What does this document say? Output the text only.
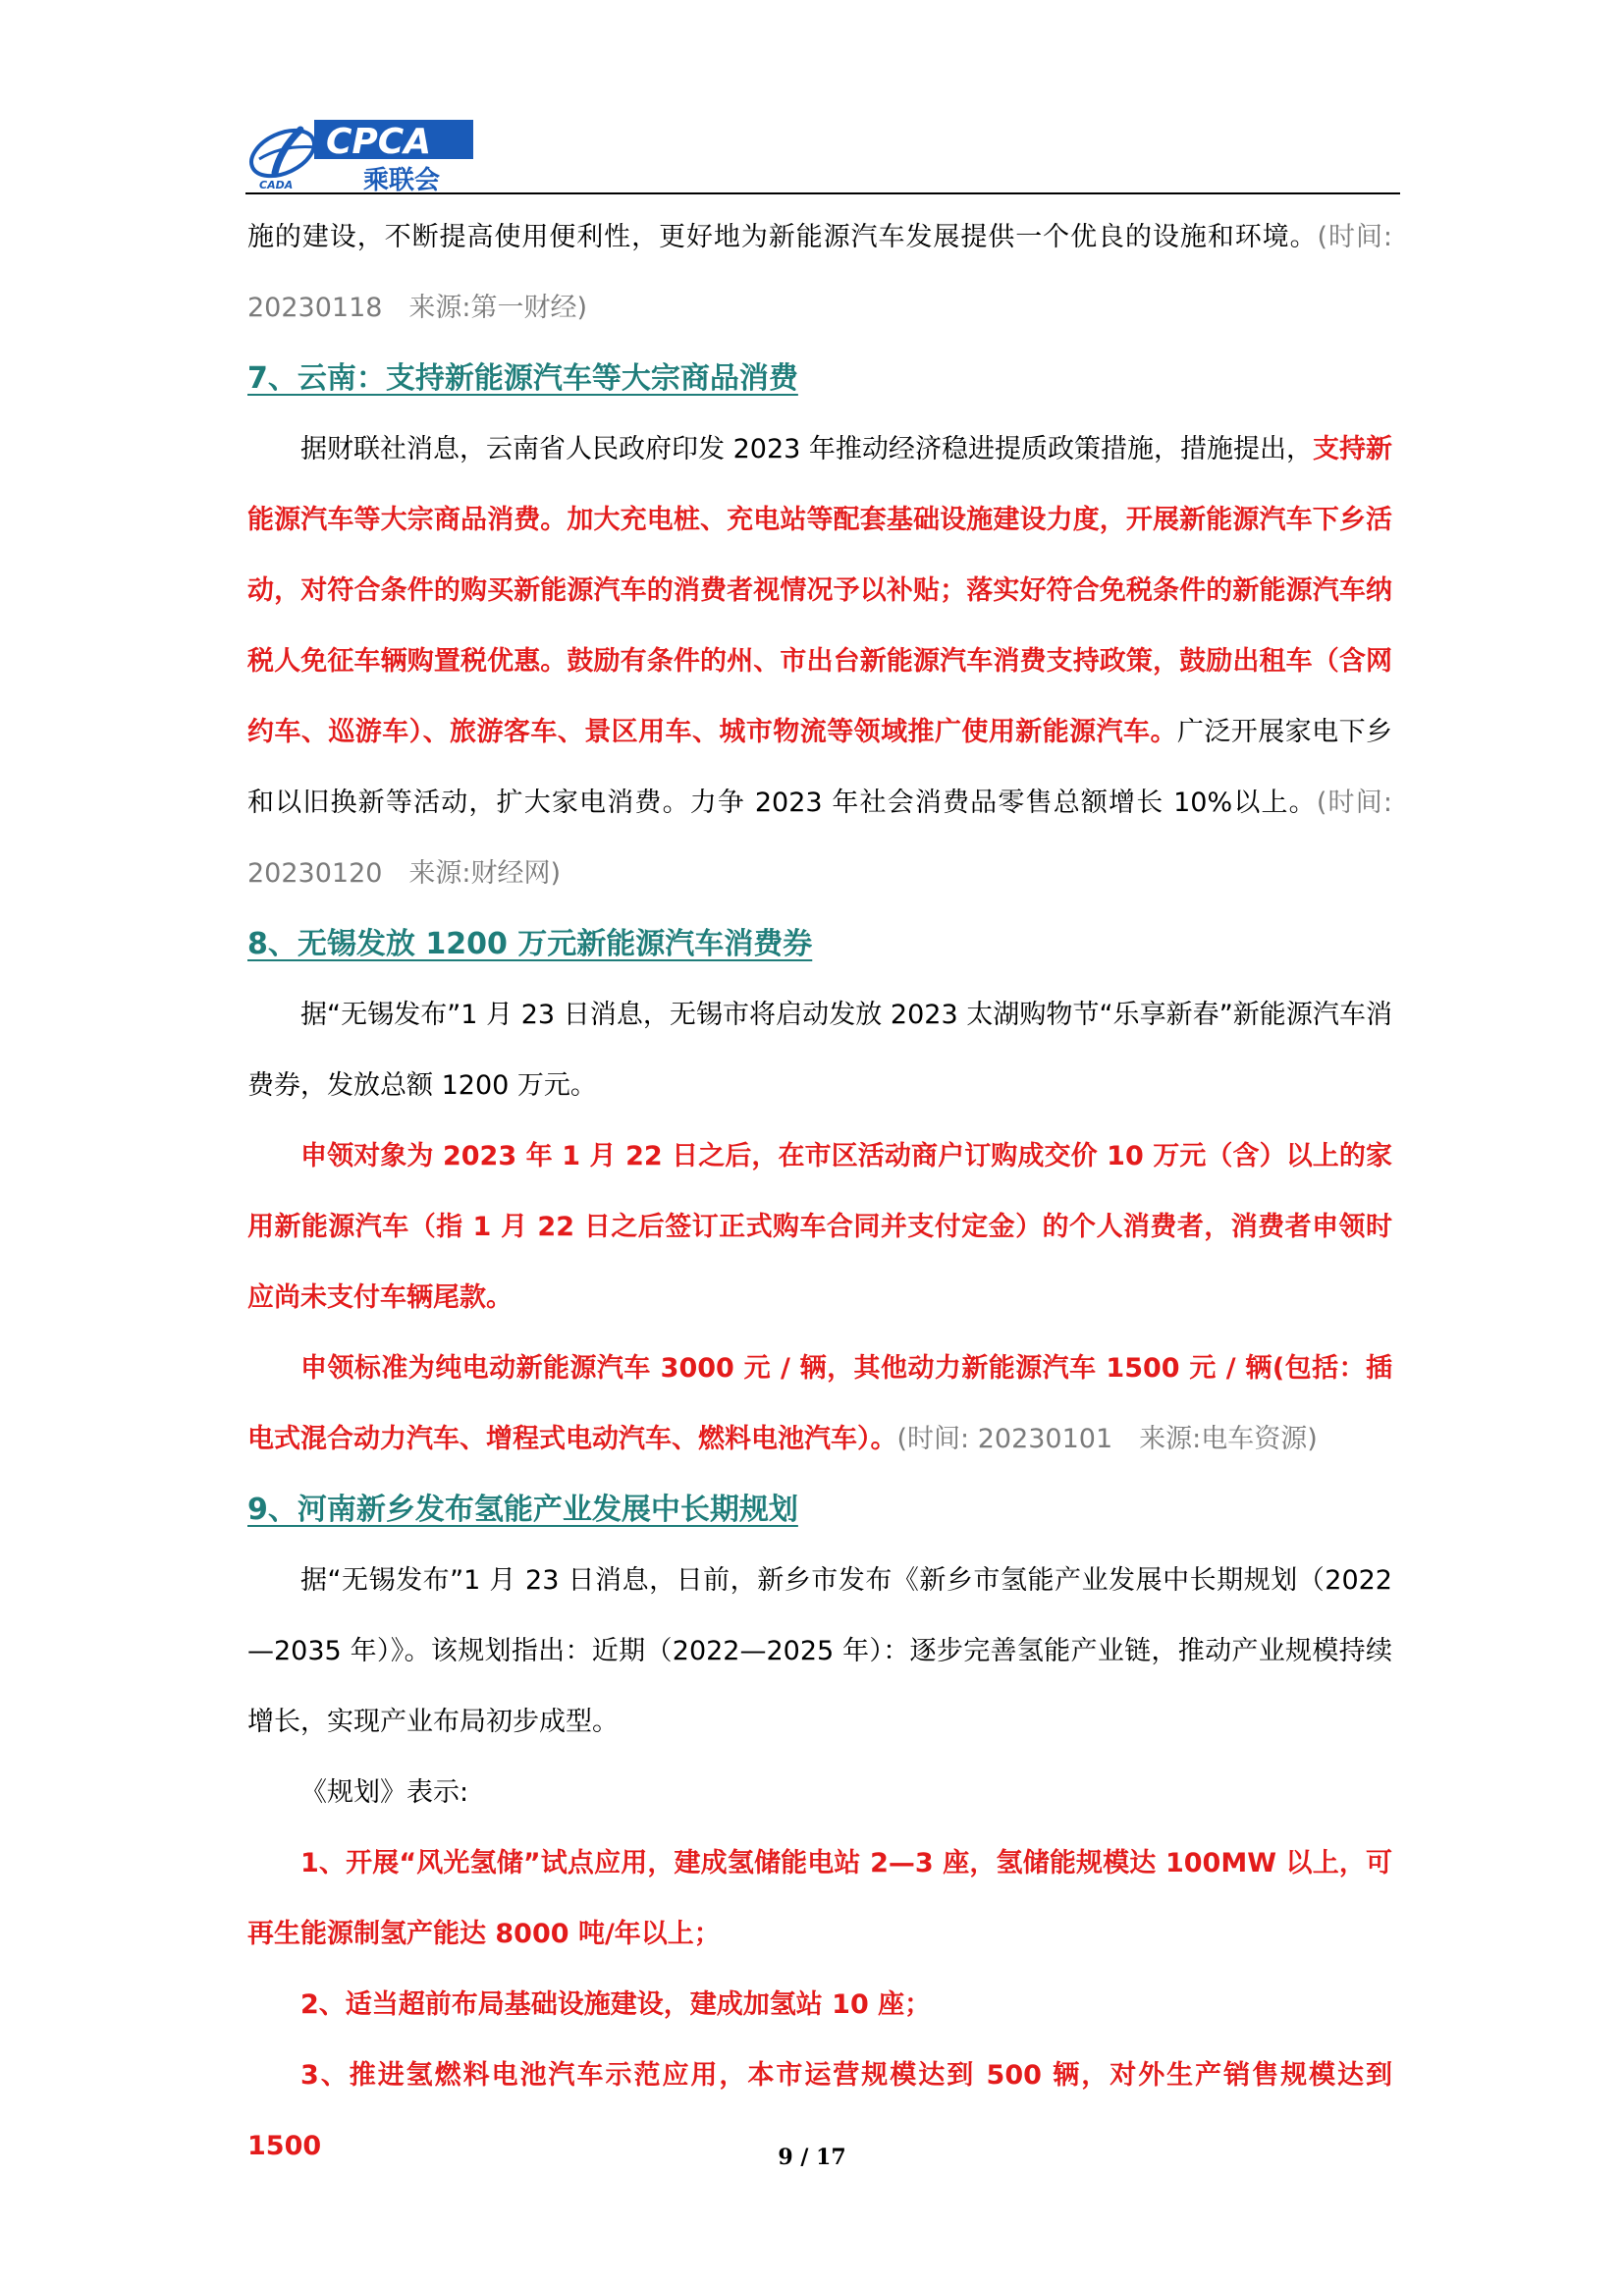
CADA
CPCA
乘联会

施的建设，不断提高使用便利性，更好地为新能源汽车发展提供一个优良的设施和环境。(时间: 20230118　来源:第一财经)

7、云南：支持新能源汽车等大宗商品消费

据财联社消息，云南省人民政府印发 2023 年推动经济稳进提质政策措施，措施提出，支持新能源汽车等大宗商品消费。加大充电桩、充电站等配套基础设施建设力度，开展新能源汽车下乡活动，对符合条件的购买新能源汽车的消费者视情况予以补贴；落实好符合免税条件的新能源汽车纳税人免征车辆购置税优惠。鼓励有条件的州、市出台新能源汽车消费支持政策，鼓励出租车（含网约车、巡游车）、旅游客车、景区用车、城市物流等领域推广使用新能源汽车。广泛开展家电下乡和以旧换新等活动，扩大家电消费。力争 2023 年社会消费品零售总额增长 10%以上。(时间: 20230120　来源:财经网)

8、无锡发放 1200 万元新能源汽车消费券

据“无锡发布”1 月 23 日消息，无锡市将启动发放 2023 太湖购物节“乐享新春”新能源汽车消费券，发放总额 1200 万元。

申领对象为 2023 年 1 月 22 日之后，在市区活动商户订购成交价 10 万元（含）以上的家用新能源汽车（指 1 月 22 日之后签订正式购车合同并支付定金）的个人消费者，消费者申领时应尚未支付车辆尾款。

申领标准为纯电动新能源汽车 3000 元 / 辆，其他动力新能源汽车 1500 元 / 辆(包括：插电式混合动力汽车、增程式电动汽车、燃料电池汽车）。(时间: 20230101　来源:电车资源)

9、河南新乡发布氢能产业发展中长期规划

据“无锡发布”1 月 23 日消息，日前，新乡市发布《新乡市氢能产业发展中长期规划（2022—2035 年）》。该规划指出：近期（2022—2025 年）：逐步完善氢能产业链，推动产业规模持续增长，实现产业布局初步成型。

《规划》表示:

1、开展“风光氢储”试点应用，建成氢储能电站 2—3 座，氢储能规模达 100MW 以上，可再生能源制氢产能达 8000 吨/年以上；

2、适当超前布局基础设施建设，建成加氢站 10 座；

3、推进氢燃料电池汽车示范应用，本市运营规模达到 500 辆，对外生产销售规模达到 1500	9 / 17
